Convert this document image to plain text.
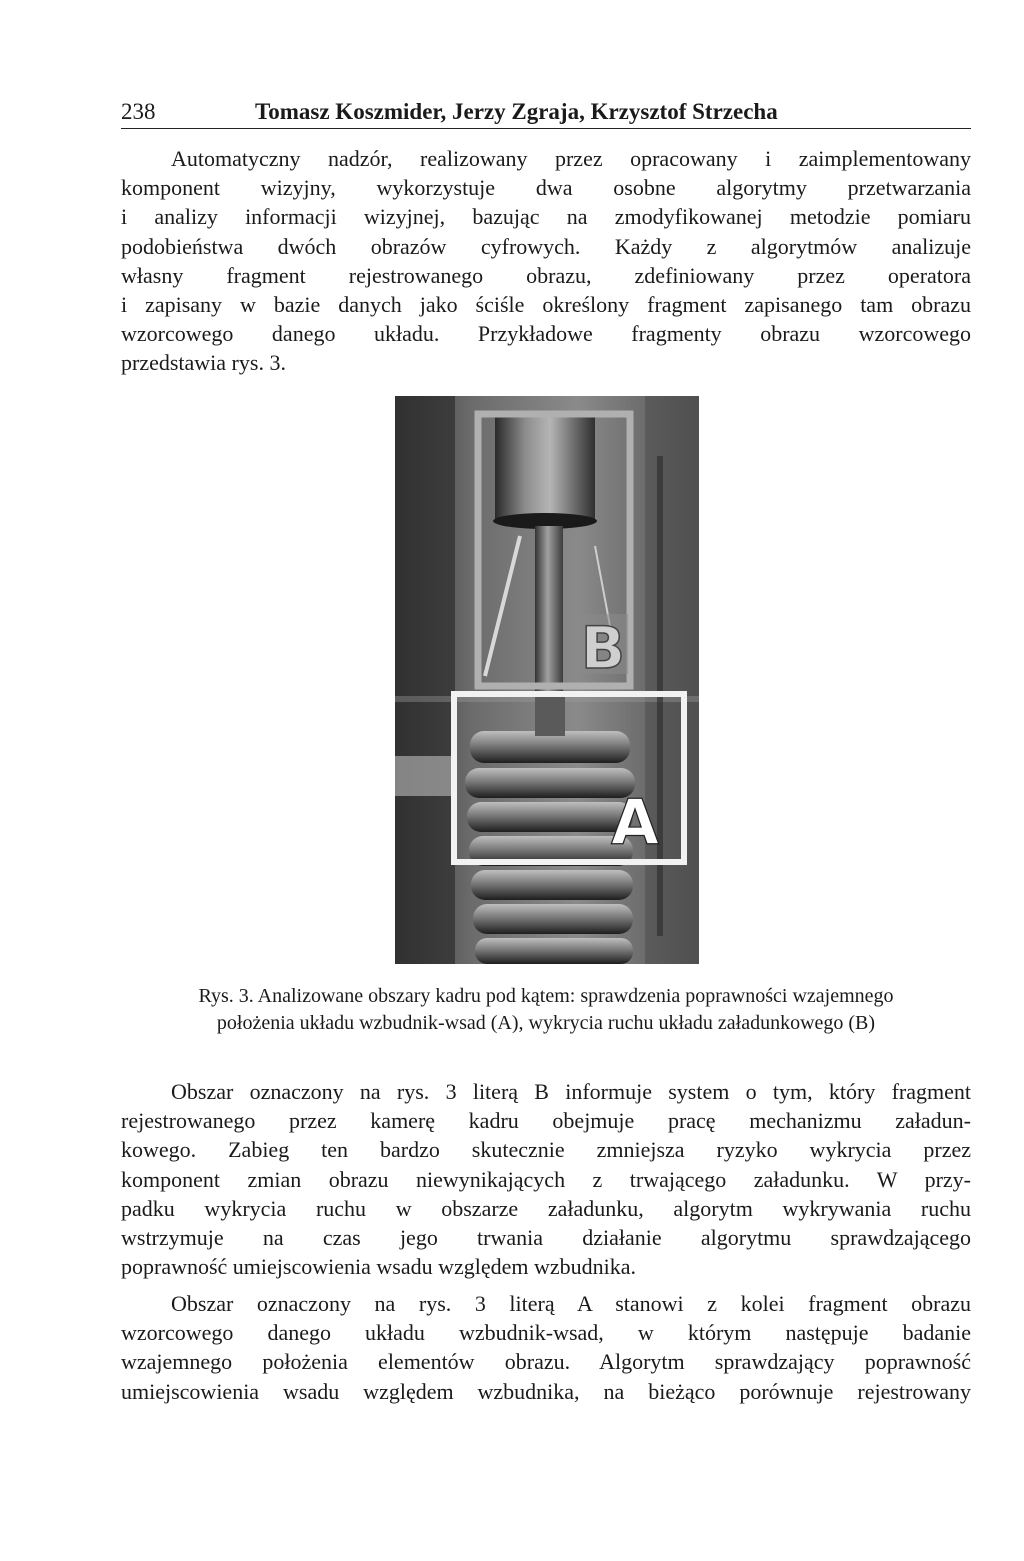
238	Tomasz Koszmider, Jerzy Zgraja, Krzysztof Strzecha
Automatyczny nadzór, realizowany przez opracowany i zaimplementowany
komponent wizyjny, wykorzystuje dwa osobne algorytmy przetwarzania
i analizy informacji wizyjnej, bazując na zmodyfikowanej metodzie pomiaru
podobieństwa dwóch obrazów cyfrowych. Każdy z algorytmów analizuje
własny fragment rejestrowanego obrazu, zdefiniowany przez operatora
i zapisany w bazie danych jako ściśle określony fragment zapisanego tam obrazu
wzorcowego danego układu. Przykładowe fragmenty obrazu wzorcowego
przedstawia rys. 3.
B
A
Rys. 3. Analizowane obszary kadru pod kątem: sprawdzenia poprawności wzajemnego
położenia układu wzbudnik-wsad (A), wykrycia ruchu układu załadunkowego (B)
Obszar oznaczony na rys. 3 literą B informuje system o tym, który fragment
rejestrowanego przez kamerę kadru obejmuje pracę mechanizmu załadun-
kowego. Zabieg ten bardzo skutecznie zmniejsza ryzyko wykrycia przez
komponent zmian obrazu niewynikających z trwającego załadunku. W przy-
padku wykrycia ruchu w obszarze załadunku, algorytm wykrywania ruchu
wstrzymuje na czas jego trwania działanie algorytmu sprawdzającego
poprawność umiejscowienia wsadu względem wzbudnika.
Obszar oznaczony na rys. 3 literą A stanowi z kolei fragment obrazu
wzorcowego danego układu wzbudnik-wsad, w którym następuje badanie
wzajemnego położenia elementów obrazu. Algorytm sprawdzający poprawność
umiejscowienia wsadu względem wzbudnika, na bieżąco porównuje rejestrowany
